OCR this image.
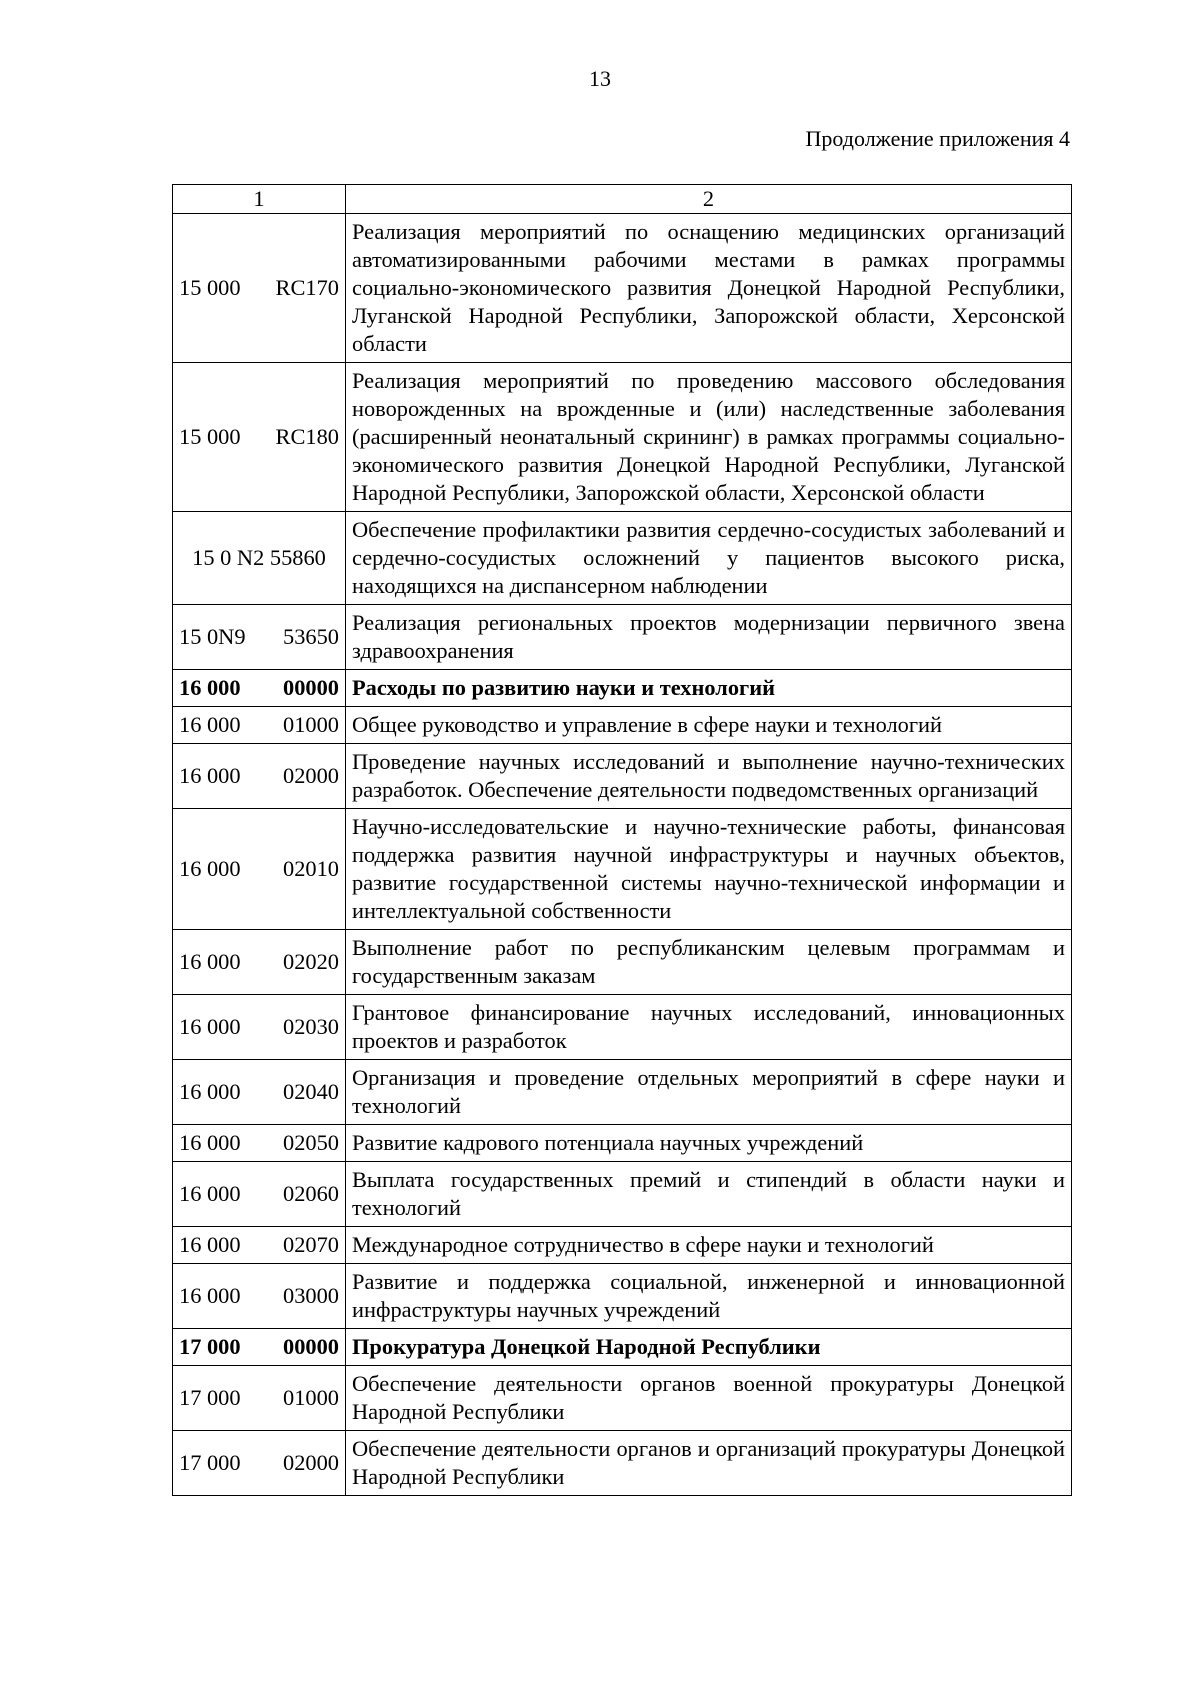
13
Продолжение приложения 4
1	2

15 000 RC170	Реализация мероприятий по оснащению медицинских организаций автоматизированными рабочими местами в рамках программы социально-экономического развития Донецкой Народной Республики, Луганской Народной Республики, Запорожской области, Херсонской области

15 000 RC180	Реализация мероприятий по проведению массового обследования новорожденных на врожденные и (или) наследственные заболевания (расширенный неонатальный скрининг) в рамках программы социально-экономического развития Донецкой Народной Республики, Луганской Народной Республики, Запорожской области, Херсонской области

15 0 N2 55860	Обеспечение профилактики развития сердечно-сосудистых заболеваний и сердечно-сосудистых осложнений у пациентов высокого риска, находящихся на диспансерном наблюдении

15 0N9 53650	Реализация региональных проектов модернизации первичного звена здравоохранения

16 000 00000	Расходы по развитию науки и технологий

16 000 01000	Общее руководство и управление в сфере науки и технологий

16 000 02000	Проведение научных исследований и выполнение научно-технических разработок. Обеспечение деятельности подведомственных организаций

16 000 02010	Научно-исследовательские и научно-технические работы, финансовая поддержка развития научной инфраструктуры и научных объектов, развитие государственной системы научно-технической информации и интеллектуальной собственности

16 000 02020	Выполнение работ по республиканским целевым программам и государственным заказам

16 000 02030	Грантовое финансирование научных исследований, инновационных проектов и разработок

16 000 02040	Организация и проведение отдельных мероприятий в сфере науки и технологий

16 000 02050	Развитие кадрового потенциала научных учреждений

16 000 02060	Выплата государственных премий и стипендий в области науки и технологий

16 000 02070	Международное сотрудничество в сфере науки и технологий

16 000 03000	Развитие и поддержка социальной, инженерной и инновационной инфраструктуры научных учреждений

17 000 00000	Прокуратура Донецкой Народной Республики

17 000 01000	Обеспечение деятельности органов военной прокуратуры Донецкой Народной Республики

17 000 02000	Обеспечение деятельности органов и организаций прокуратуры Донецкой Народной Республики
